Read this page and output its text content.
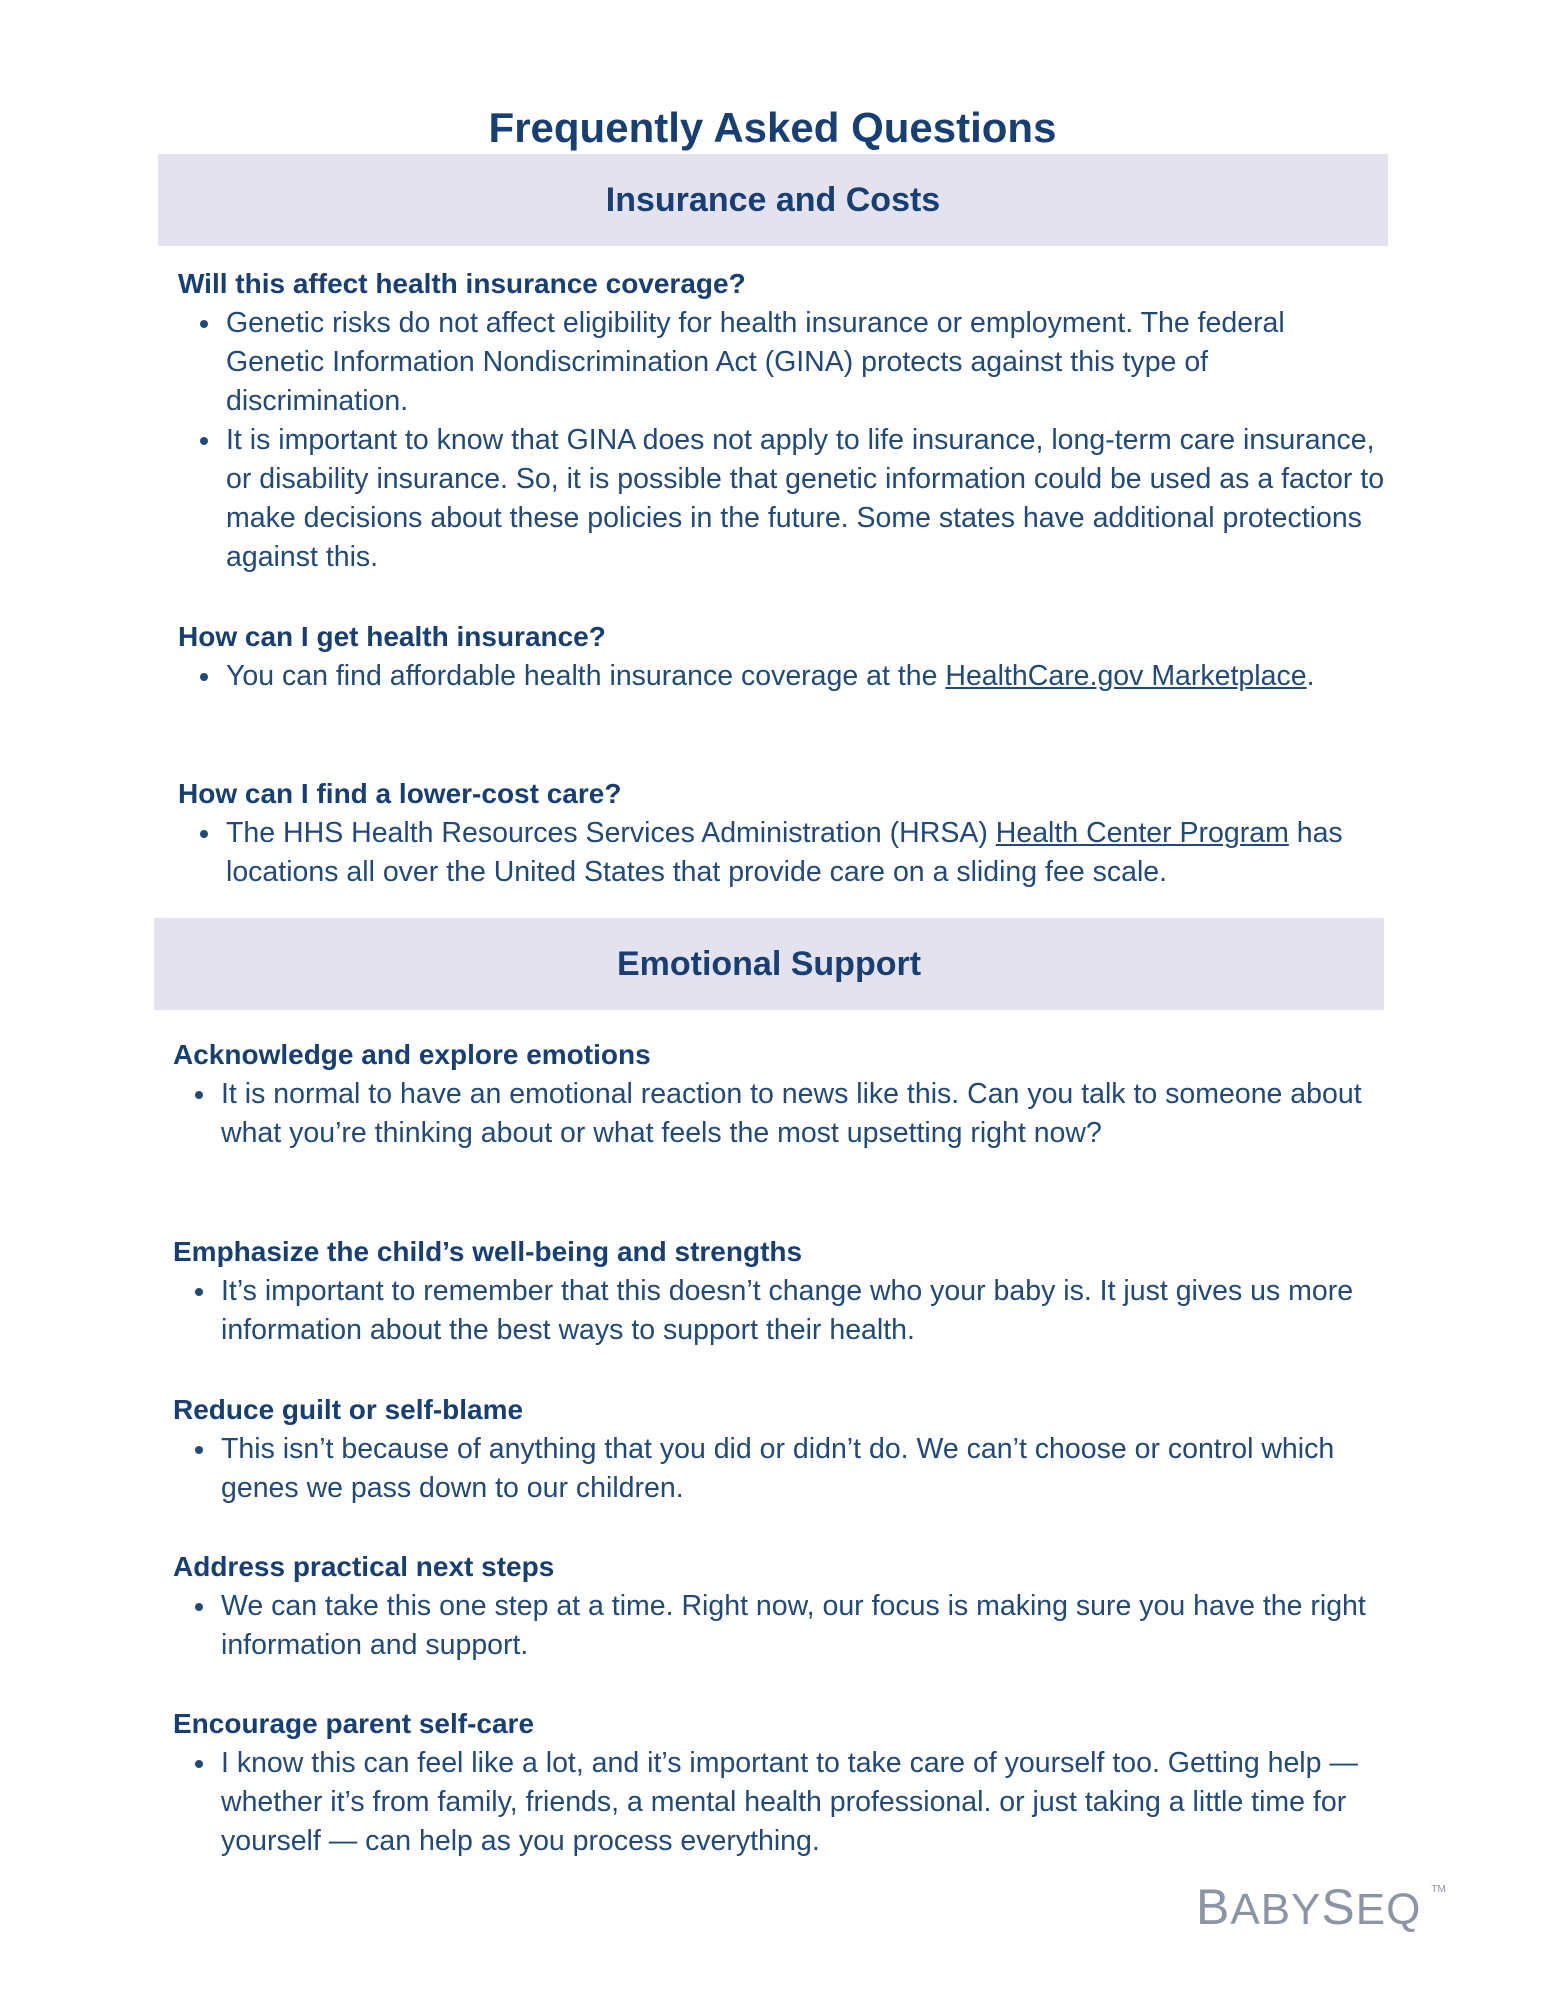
Frequently Asked Questions
Insurance and Costs
Will this affect health insurance coverage?
Genetic risks do not affect eligibility for health insurance or employment. The federal Genetic Information Nondiscrimination Act (GINA) protects against this type of discrimination.
It is important to know that GINA does not apply to life insurance, long-term care insurance, or disability insurance. So, it is possible that genetic information could be used as a factor to make decisions about these policies in the future. Some states have additional protections against this.
How can I get health insurance?
You can find affordable health insurance coverage at the HealthCare.gov Marketplace.
How can I find a lower-cost care?
The HHS Health Resources Services Administration (HRSA) Health Center Program has locations all over the United States that provide care on a sliding fee scale.
Emotional Support
Acknowledge and explore emotions
It is normal to have an emotional reaction to news like this. Can you talk to someone about what you’re thinking about or what feels the most upsetting right now?
Emphasize the child’s well-being and strengths
It’s important to remember that this doesn’t change who your baby is. It just gives us more information about the best ways to support their health.
Reduce guilt or self-blame
This isn’t because of anything that you did or didn’t do. We can’t choose or control which genes we pass down to our children.
Address practical next steps
We can take this one step at a time. Right now, our focus is making sure you have the right information and support.
Encourage parent self-care
I know this can feel like a lot, and it’s important to take care of yourself too. Getting help — whether it’s from family, friends, a mental health professional. or just taking a little time for yourself — can help as you process everything.
BABYSEQ TM
